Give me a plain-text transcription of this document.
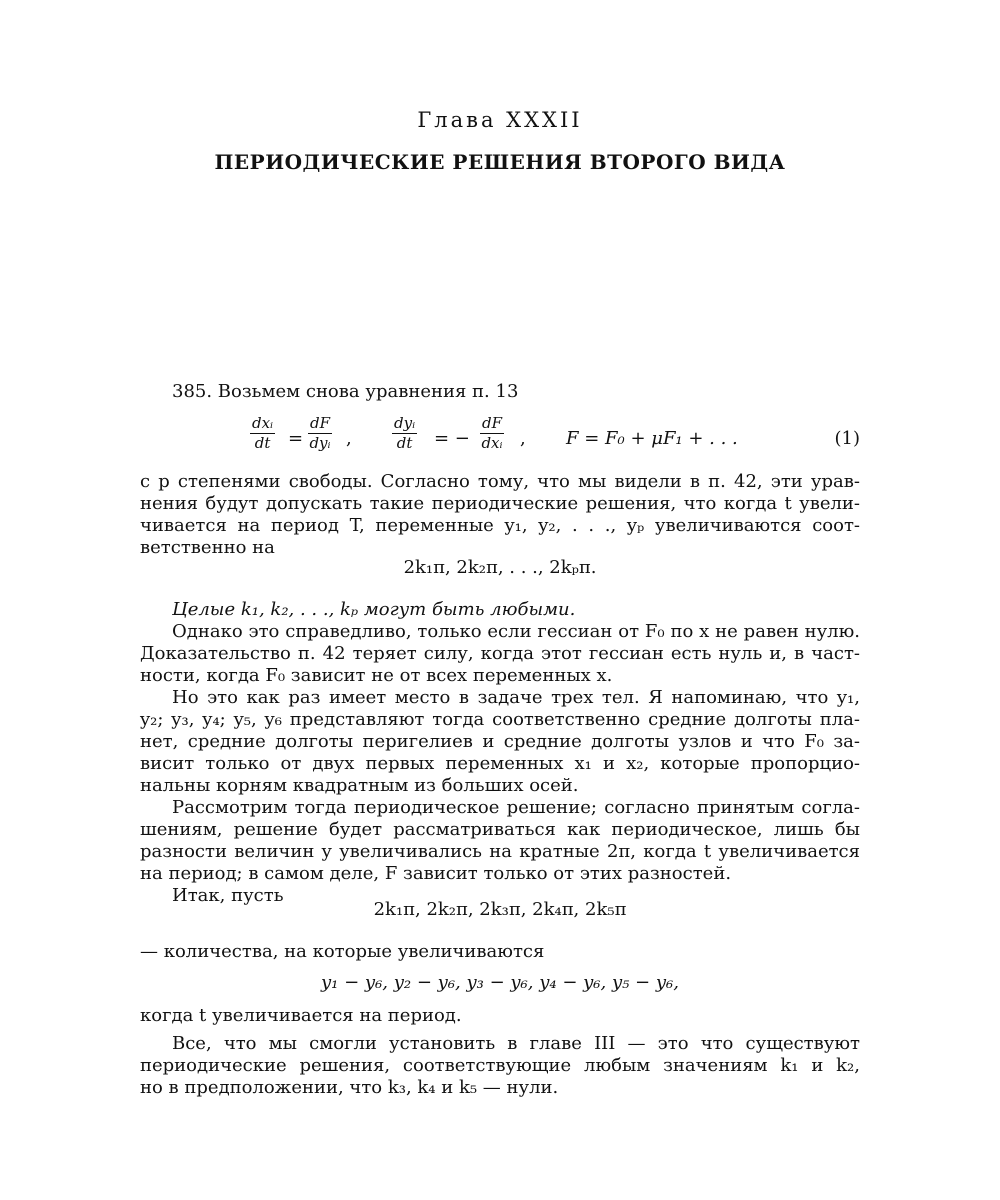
Глава XXXII
ПЕРИОДИЧЕСКИЕ РЕШЕНИЯ ВТОРОГО ВИДА
385. Возьмем снова уравнения п. 13
dxᵢ
dt =
dF
dyᵢ ,
dyᵢ
dt = −
dF
dxᵢ , F = F₀ + μF₁ + . . .	(1)
с p степенями свободы. Согласно тому, что мы видели в п. 42, эти урав-
нения будут допускать такие периодические решения, что когда t увели-
чивается на период T, переменные y₁, y₂, . . ., yₚ увеличиваются соот-
ветственно на
2k₁π, 2k₂π, . . ., 2kₚπ.
Целые k₁, k₂, . . ., kₚ могут быть любыми.
Однако это справедливо, только если гессиан от F₀ по x не равен нулю.
Доказательство п. 42 теряет силу, когда этот гессиан есть нуль и, в част-
ности, когда F₀ зависит не от всех переменных x.
Но это как раз имеет место в задаче трех тел. Я напоминаю, что y₁,
y₂; y₃, y₄; y₅, y₆ представляют тогда соответственно средние долготы пла-
нет, средние долготы перигелиев и средние долготы узлов и что F₀ за-
висит только от двух первых переменных x₁ и x₂, которые пропорцио-
нальны корням квадратным из больших осей.
Рассмотрим тогда периодическое решение; согласно принятым согла-
шениям, решение будет рассматриваться как периодическое, лишь бы
разности величин y увеличивались на кратные 2π, когда t увеличивается
на период; в самом деле, F зависит только от этих разностей.
Итак, пусть
2k₁π, 2k₂π, 2k₃π, 2k₄π, 2k₅π
— количества, на которые увеличиваются
y₁ − y₆, y₂ − y₆, y₃ − y₆, y₄ − y₆, y₅ − y₆,
когда t увеличивается на период.
Все, что мы смогли установить в главе III — это что существуют
периодические решения, соответствующие любым значениям k₁ и k₂,
но в предположении, что k₃, k₄ и k₅ — нули.
